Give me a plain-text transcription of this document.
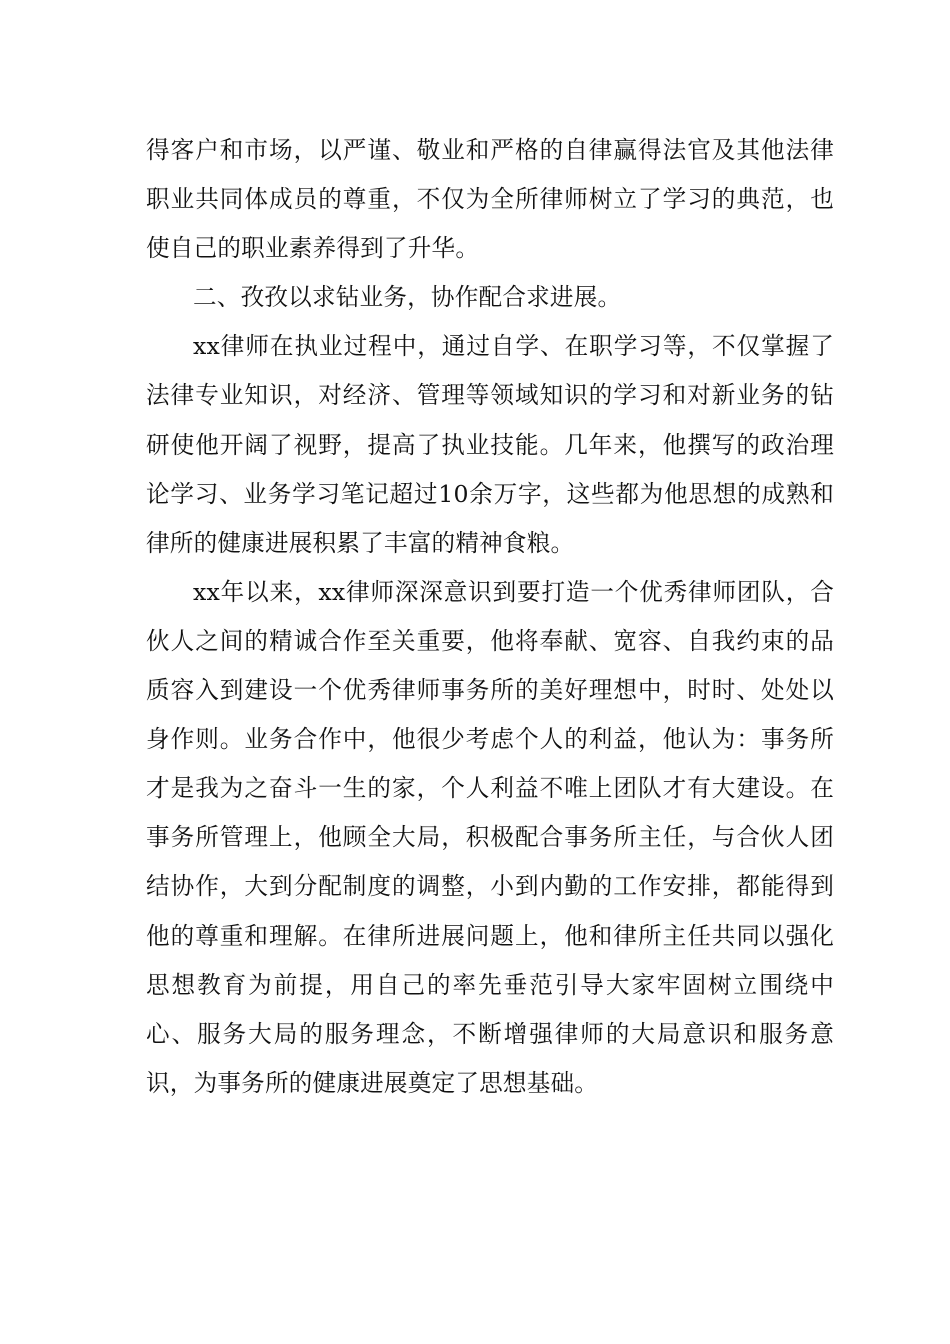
得客户和市场，以严谨、敬业和严格的自律赢得法官及其他法律职业共同体成员的尊重，不仅为全所律师树立了学习的典范，也使自己的职业素养得到了升华。

二、孜孜以求钻业务，协作配合求进展。

xx律师在执业过程中，通过自学、在职学习等，不仅掌握了法律专业知识，对经济、管理等领域知识的学习和对新业务的钻研使他开阔了视野，提高了执业技能。几年来，他撰写的政治理论学习、业务学习笔记超过10余万字，这些都为他思想的成熟和律所的健康进展积累了丰富的精神食粮。

xx年以来，xx律师深深意识到要打造一个优秀律师团队，合伙人之间的精诚合作至关重要，他将奉献、宽容、自我约束的品质容入到建设一个优秀律师事务所的美好理想中，时时、处处以身作则。业务合作中，他很少考虑个人的利益，他认为：事务所才是我为之奋斗一生的家，个人利益不唯上团队才有大建设。在事务所管理上，他顾全大局，积极配合事务所主任，与合伙人团结协作，大到分配制度的调整，小到内勤的工作安排，都能得到他的尊重和理解。在律所进展问题上，他和律所主任共同以强化思想教育为前提，用自己的率先垂范引导大家牢固树立围绕中心、服务大局的服务理念，不断增强律师的大局意识和服务意识，为事务所的健康进展奠定了思想基础。
